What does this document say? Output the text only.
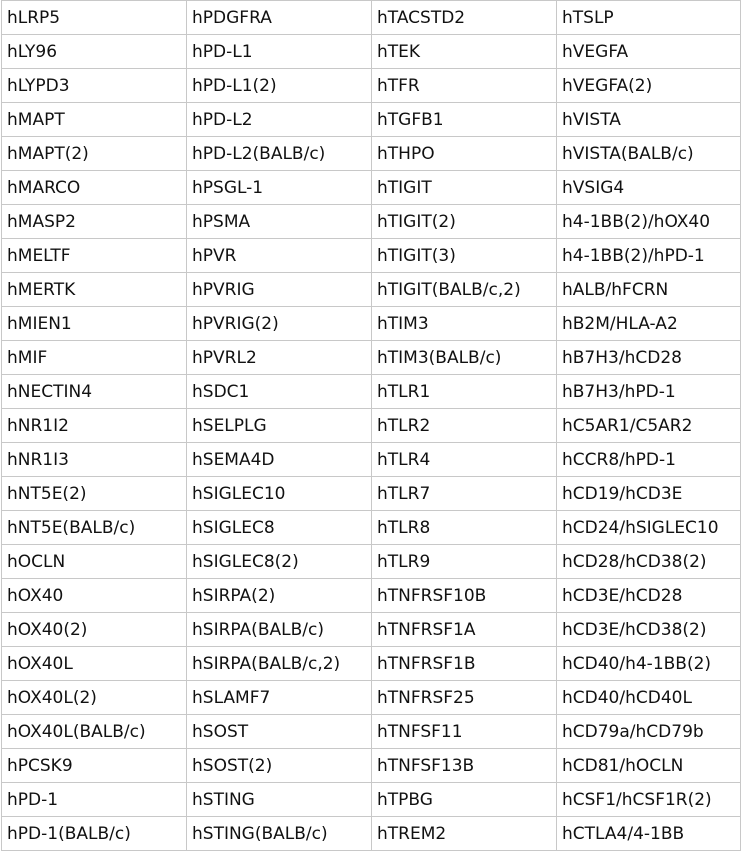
hLRP5	hPDGFRA	hTACSTD2	hTSLP
hLY96	hPD-L1	hTEK	hVEGFA
hLYPD3	hPD-L1(2)	hTFR	hVEGFA(2)
hMAPT	hPD-L2	hTGFB1	hVISTA
hMAPT(2)	hPD-L2(BALB/c)	hTHPO	hVISTA(BALB/c)
hMARCO	hPSGL-1	hTIGIT	hVSIG4
hMASP2	hPSMA	hTIGIT(2)	h4-1BB(2)/hOX40
hMELTF	hPVR	hTIGIT(3)	h4-1BB(2)/hPD-1
hMERTK	hPVRIG	hTIGIT(BALB/c,2)	hALB/hFCRN
hMIEN1	hPVRIG(2)	hTIM3	hB2M/HLA-A2
hMIF	hPVRL2	hTIM3(BALB/c)	hB7H3/hCD28
hNECTIN4	hSDC1	hTLR1	hB7H3/hPD-1
hNR1I2	hSELPLG	hTLR2	hC5AR1/C5AR2
hNR1I3	hSEMA4D	hTLR4	hCCR8/hPD-1
hNT5E(2)	hSIGLEC10	hTLR7	hCD19/hCD3E
hNT5E(BALB/c)	hSIGLEC8	hTLR8	hCD24/hSIGLEC10
hOCLN	hSIGLEC8(2)	hTLR9	hCD28/hCD38(2)
hOX40	hSIRPA(2)	hTNFRSF10B	hCD3E/hCD28
hOX40(2)	hSIRPA(BALB/c)	hTNFRSF1A	hCD3E/hCD38(2)
hOX40L	hSIRPA(BALB/c,2)	hTNFRSF1B	hCD40/h4-1BB(2)
hOX40L(2)	hSLAMF7	hTNFRSF25	hCD40/hCD40L
hOX40L(BALB/c)	hSOST	hTNFSF11	hCD79a/hCD79b
hPCSK9	hSOST(2)	hTNFSF13B	hCD81/hOCLN
hPD-1	hSTING	hTPBG	hCSF1/hCSF1R(2)
hPD-1(BALB/c)	hSTING(BALB/c)	hTREM2	hCTLA4/4-1BB
